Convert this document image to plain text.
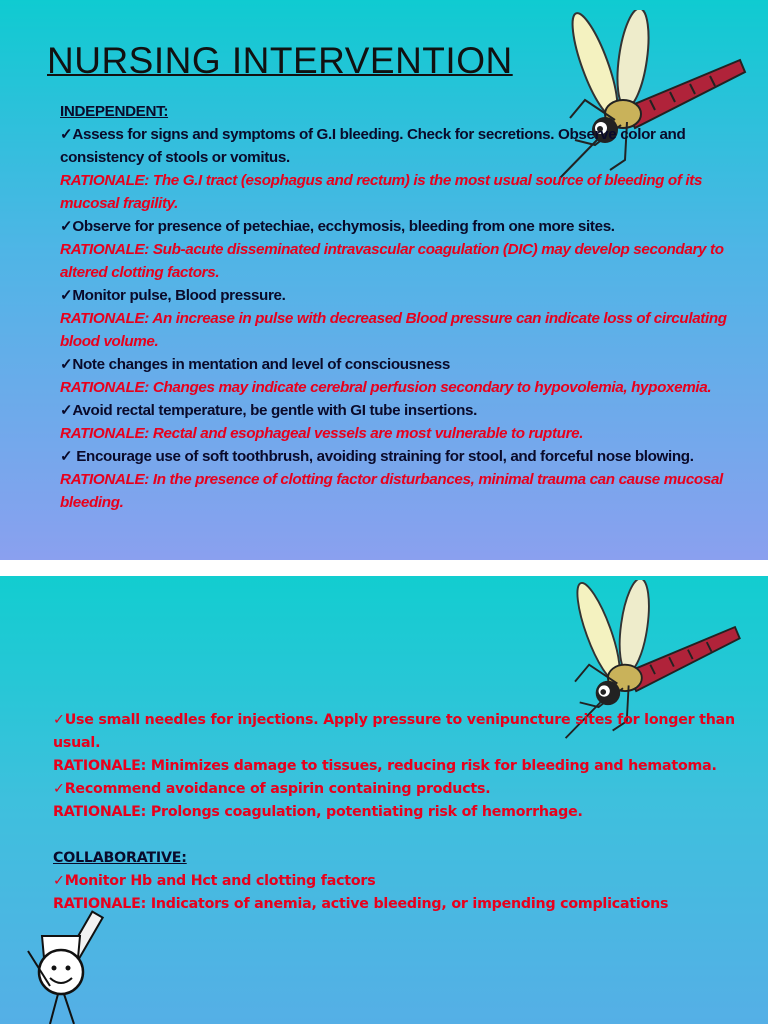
NURSING INTERVENTION

INDEPENDENT:

✓Assess for signs and symptoms of G.I bleeding. Check for secretions. Observe color and consistency of stools or vomitus.

RATIONALE: The G.I tract (esophagus and rectum) is the most usual source of bleeding of its mucosal fragility.

✓Observe for presence of petechiae, ecchymosis, bleeding from one more sites.

RATIONALE: Sub-acute disseminated intravascular coagulation (DIC) may develop secondary to altered clotting factors.

✓Monitor pulse, Blood pressure.

RATIONALE: An increase in pulse with decreased Blood pressure can indicate loss of circulating blood volume.

✓Note changes in mentation and level of consciousness

RATIONALE: Changes may indicate cerebral perfusion secondary to hypovolemia, hypoxemia.

✓Avoid rectal temperature, be gentle with GI tube insertions.

RATIONALE: Rectal and esophageal vessels are most vulnerable to rupture.

✓ Encourage use of soft toothbrush, avoiding straining for stool, and forceful nose blowing.

RATIONALE: In the presence of clotting factor disturbances, minimal trauma can cause mucosal bleeding.

✓Use small needles for injections. Apply pressure to venipuncture sites for longer than usual.

RATIONALE: Minimizes damage to tissues, reducing risk for bleeding and hematoma.

✓Recommend avoidance of aspirin containing products.

RATIONALE: Prolongs coagulation, potentiating risk of hemorrhage.

COLLABORATIVE:

✓Monitor Hb and Hct and clotting factors

RATIONALE: Indicators of anemia, active bleeding, or impending complications
